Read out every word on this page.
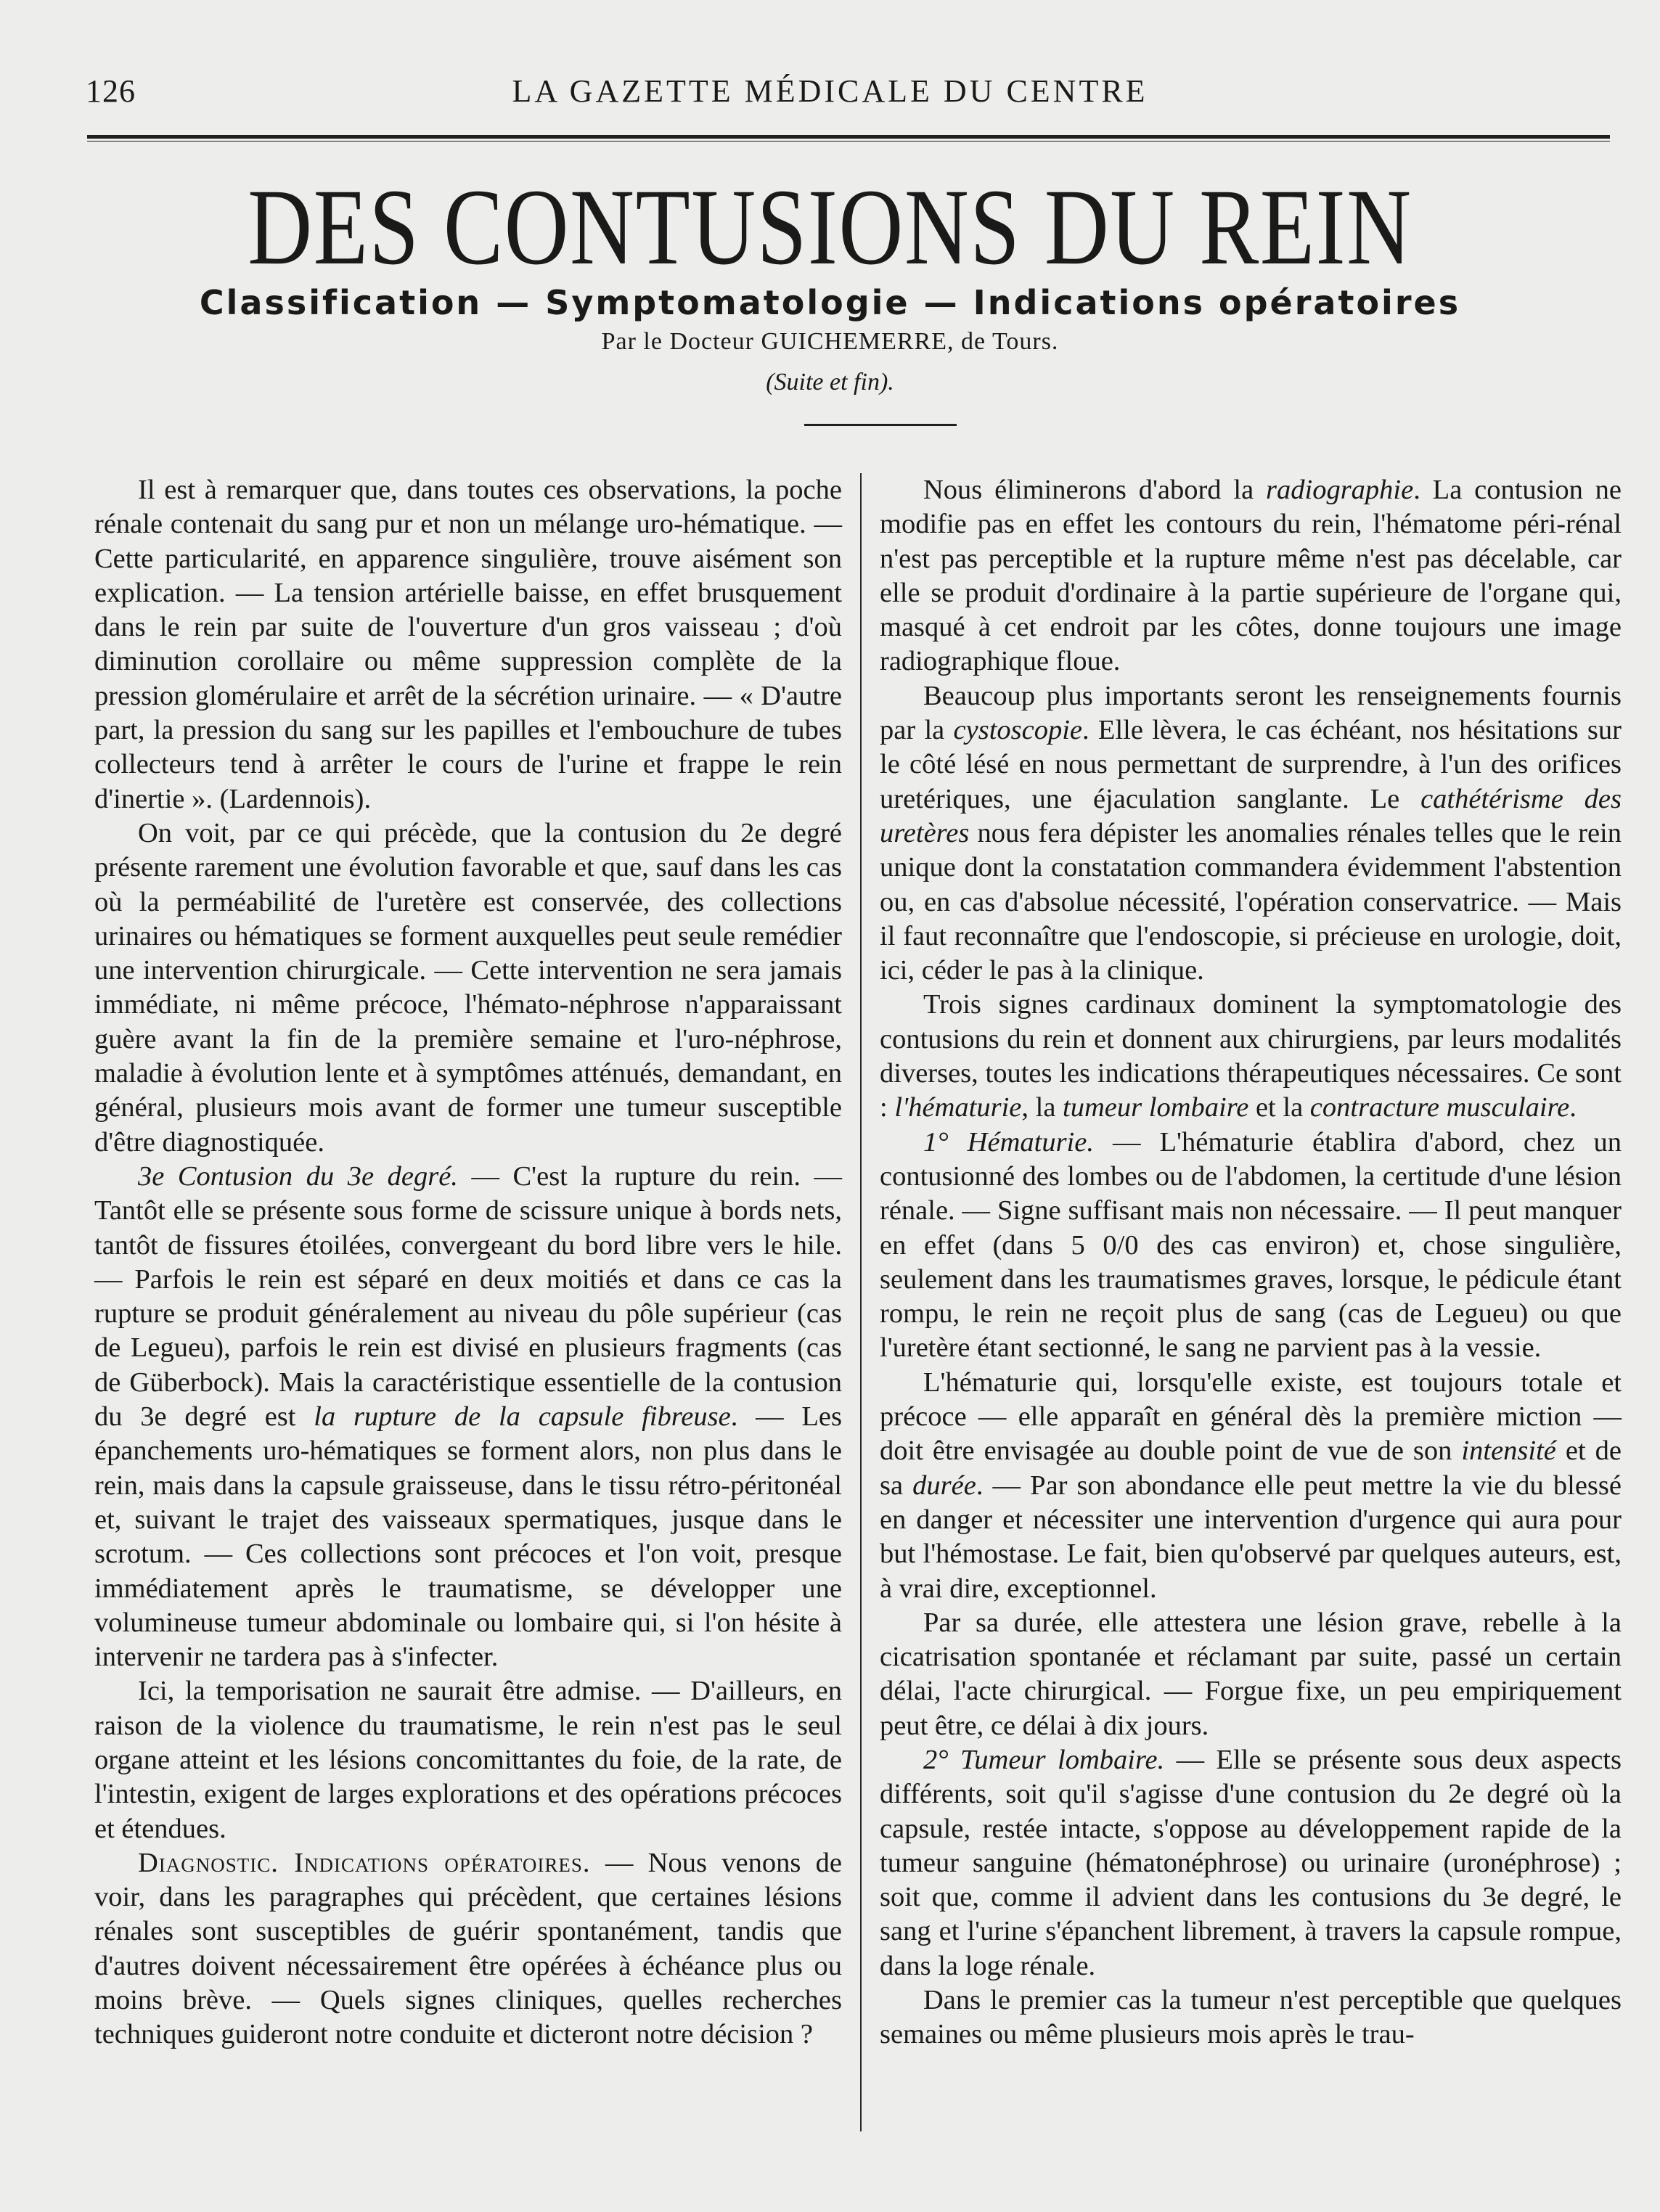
126	LA GAZETTE MÉDICALE DU CENTRE
DES CONTUSIONS DU REIN
Classification — Symptomatologie — Indications opératoires
Par le Docteur GUICHEMERRE, de Tours.
(Suite et fin).

Il est à remarquer que, dans toutes ces observations, la poche rénale contenait du sang pur et non un mélange uro-hématique. — Cette particularité, en apparence singulière, trouve aisément son explication. — La tension artérielle baisse, en effet brusquement dans le rein par suite de l'ouverture d'un gros vaisseau ; d'où diminution corollaire ou même suppression complète de la pression glomérulaire et arrêt de la sécrétion urinaire. — « D'autre part, la pression du sang sur les papilles et l'embouchure de tubes collecteurs tend à arrêter le cours de l'urine et frappe le rein d'inertie ». (Lardennois).

On voit, par ce qui précède, que la contusion du 2e degré présente rarement une évolution favorable et que, sauf dans les cas où la perméabilité de l'uretère est conservée, des collections urinaires ou hématiques se forment auxquelles peut seule remédier une intervention chirurgicale. — Cette intervention ne sera jamais immédiate, ni même précoce, l'hémato-néphrose n'apparaissant guère avant la fin de la première semaine et l'uro-néphrose, maladie à évolution lente et à symptômes atténués, demandant, en général, plusieurs mois avant de former une tumeur susceptible d'être diagnostiquée.

3e Contusion du 3e degré. — C'est la rupture du rein. — Tantôt elle se présente sous forme de scissure unique à bords nets, tantôt de fissures étoilées, convergeant du bord libre vers le hile. — Parfois le rein est séparé en deux moitiés et dans ce cas la rupture se produit généralement au niveau du pôle supérieur (cas de Legueu), parfois le rein est divisé en plusieurs fragments (cas de Güberbock). Mais la caractéristique essentielle de la contusion du 3e degré est la rupture de la capsule fibreuse. — Les épanchements uro-hématiques se forment alors, non plus dans le rein, mais dans la capsule graisseuse, dans le tissu rétro-péritonéal et, suivant le trajet des vaisseaux spermatiques, jusque dans le scrotum. — Ces collections sont précoces et l'on voit, presque immédiatement après le traumatisme, se développer une volumineuse tumeur abdominale ou lombaire qui, si l'on hésite à intervenir ne tardera pas à s'infecter.

Ici, la temporisation ne saurait être admise. — D'ailleurs, en raison de la violence du traumatisme, le rein n'est pas le seul organe atteint et les lésions concomittantes du foie, de la rate, de l'intestin, exigent de larges explorations et des opérations précoces et étendues.

Diagnostic. Indications opératoires. — Nous venons de voir, dans les paragraphes qui précèdent, que certaines lésions rénales sont susceptibles de guérir spontanément, tandis que d'autres doivent nécessairement être opérées à échéance plus ou moins brève. — Quels signes cliniques, quelles recherches techniques guideront notre conduite et dicteront notre décision ?

Nous éliminerons d'abord la radiographie. La contusion ne modifie pas en effet les contours du rein, l'hématome péri-rénal n'est pas perceptible et la rupture même n'est pas décelable, car elle se produit d'ordinaire à la partie supérieure de l'organe qui, masqué à cet endroit par les côtes, donne toujours une image radiographique floue.

Beaucoup plus importants seront les renseignements fournis par la cystoscopie. Elle lèvera, le cas échéant, nos hésitations sur le côté lésé en nous permettant de surprendre, à l'un des orifices uretériques, une éjaculation sanglante. Le cathétérisme des uretères nous fera dépister les anomalies rénales telles que le rein unique dont la constatation commandera évidemment l'abstention ou, en cas d'absolue nécessité, l'opération conservatrice. — Mais il faut reconnaître que l'endoscopie, si précieuse en urologie, doit, ici, céder le pas à la clinique.

Trois signes cardinaux dominent la symptomatologie des contusions du rein et donnent aux chirurgiens, par leurs modalités diverses, toutes les indications thérapeutiques nécessaires. Ce sont : l'hématurie, la tumeur lombaire et la contracture musculaire.

1° Hématurie. — L'hématurie établira d'abord, chez un contusionné des lombes ou de l'abdomen, la certitude d'une lésion rénale. — Signe suffisant mais non nécessaire. — Il peut manquer en effet (dans 5 0/0 des cas environ) et, chose singulière, seulement dans les traumatismes graves, lorsque, le pédicule étant rompu, le rein ne reçoit plus de sang (cas de Legueu) ou que l'uretère étant sectionné, le sang ne parvient pas à la vessie.

L'hématurie qui, lorsqu'elle existe, est toujours totale et précoce — elle apparaît en général dès la première miction — doit être envisagée au double point de vue de son intensité et de sa durée. — Par son abondance elle peut mettre la vie du blessé en danger et nécessiter une intervention d'urgence qui aura pour but l'hémostase. Le fait, bien qu'observé par quelques auteurs, est, à vrai dire, exceptionnel.

Par sa durée, elle attestera une lésion grave, rebelle à la cicatrisation spontanée et réclamant par suite, passé un certain délai, l'acte chirurgical. — Forgue fixe, un peu empiriquement peut être, ce délai à dix jours.

2° Tumeur lombaire. — Elle se présente sous deux aspects différents, soit qu'il s'agisse d'une contusion du 2e degré où la capsule, restée intacte, s'oppose au développement rapide de la tumeur sanguine (hématonéphrose) ou urinaire (uronéphrose) ; soit que, comme il advient dans les contusions du 3e degré, le sang et l'urine s'épanchent librement, à travers la capsule rompue, dans la loge rénale.

Dans le premier cas la tumeur n'est perceptible que quelques semaines ou même plusieurs mois après le trau-
